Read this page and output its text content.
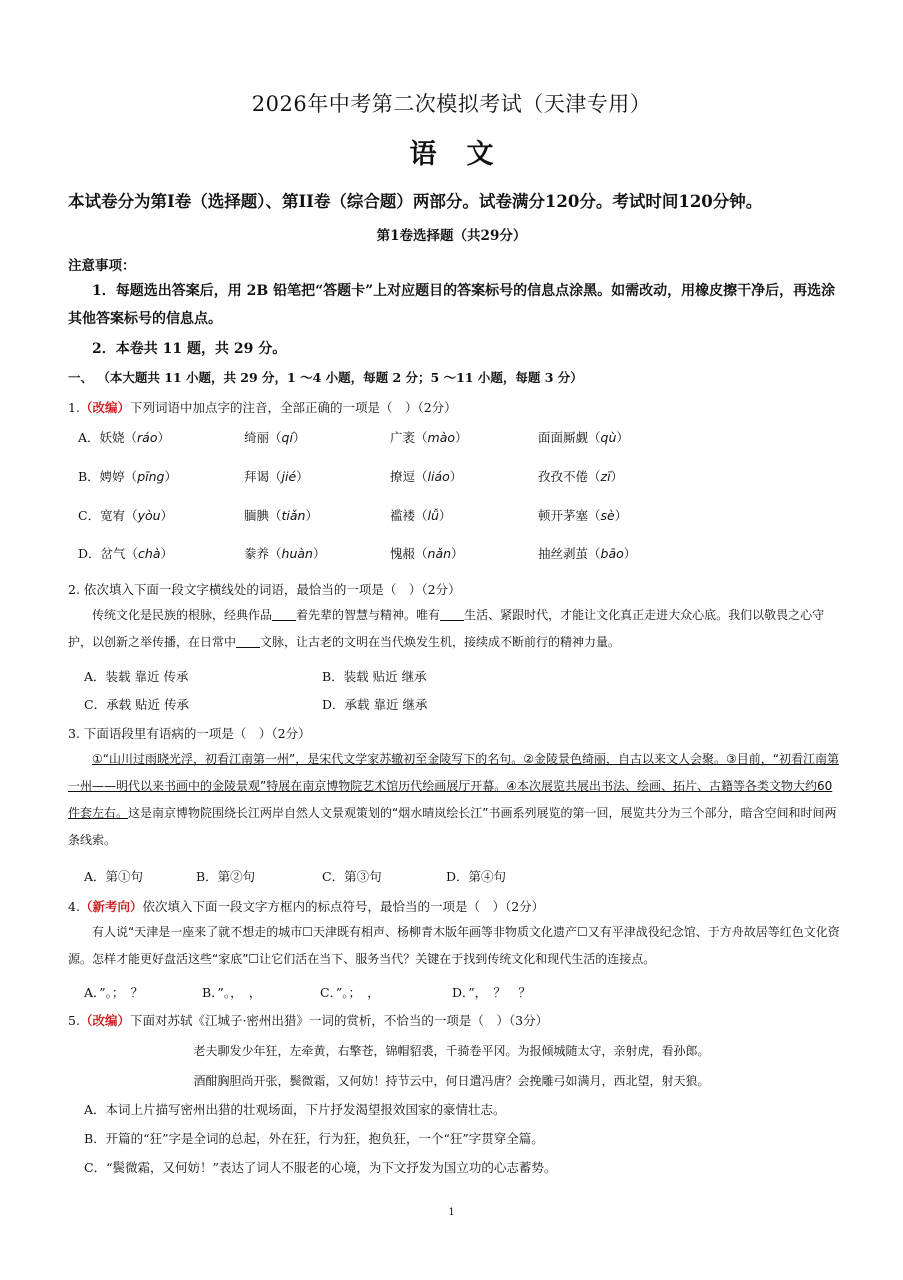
2026年中考第二次模拟考试（天津专用）
语文
本试卷分为第Ⅰ卷（选择题）、第II卷（综合题）两部分。试卷满分120分。考试时间120分钟。
第1卷选择题（共29分）
注意事项：
1．每题选出答案后，用 2B 铅笔把“答题卡”上对应题目的答案标号的信息点涂黑。如需改动，用橡皮擦干净后，再选涂其他答案标号的信息点。
2．本卷共 11 题，共 29 分。
一、 （本大题共 11 小题，共 29 分，1 ～4 小题，每题 2 分；5 ～11 小题，每题 3 分）
1.（改编）下列词语中加点字的注音，全部正确的一项是（　）（2分）
A．妖娆（ráo）	绮丽（qí）	广袤（mào）	面面厮觑（qù）
B．娉婷（pīng）	拜谒（jié）	撩逗（liáo）	孜孜不倦（zī）
C．宽宥（yòu）	腼腆（tiǎn）	褴褛（lǚ）	顿开茅塞（sè）
D．岔气（chà）	豢养（huàn）	愧赧（nǎn）	抽丝剥茧（bāo）
2. 依次填入下面一段文字横线处的词语，最恰当的一项是（　）（2分）
传统文化是民族的根脉，经典作品　　 着先辈的智慧与精神。唯有　　 生活、紧跟时代，才能让文化真正走进大众心底。我们以敬畏之心守护，以创新之举传播，在日常中　　 文脉，让古老的文明在当代焕发生机，接续成不断前行的精神力量。
A．装载 靠近 传承	B．装载 贴近 继承
C．承载 贴近 传承	D．承载 靠近 继承
3. 下面语段里有语病的一项是（　）（2分）
①“山川过雨晓光浮，初看江南第一州”，是宋代文学家苏辙初至金陵写下的名句。②金陵景色绮丽，自古以来文人会聚。③目前，“初看江南第一州——明代以来书画中的金陵景观”特展在南京博物院艺术馆历代绘画展厅开幕。④本次展览共展出书法、绘画、拓片、古籍等各类文物大约60件套左右。这是南京博物院围绕长江两岸自然人文景观策划的“烟水晴岚绘长江”书画系列展览的第一回，展览共分为三个部分，暗含空间和时间两条线索。
A．第①句	B．第②句	C．第③句	D．第④句
4.（新考向）依次填入下面一段文字方框内的标点符号，最恰当的一项是（　）（2分）
有人说“天津是一座来了就不想走的城市☐天津既有相声、杨柳青木版年画等非物质文化遗产☐又有平津战役纪念馆、于方舟故居等红色文化资源。怎样才能更好盘活这些“家底”☐让它们活在当下、服务当代？关键在于找到传统文化和现代生活的连接点。
A．”。；　？	B．”。，　，	C．”。；　，	D．”，　？　？
5.（改编）下面对苏轼《江城子·密州出猎》一词的赏析，不恰当的一项是（　）（3分）
老夫聊发少年狂，左牵黄，右擎苍，锦帽貂裘，千骑卷平冈。为报倾城随太守，亲射虎，看孙郎。
酒酣胸胆尚开张，鬓微霜，又何妨！持节云中，何日遣冯唐？会挽雕弓如满月，西北望，射天狼。
A．本词上片描写密州出猎的壮观场面，下片抒发渴望报效国家的豪情壮志。
B．开篇的“狂”字是全词的总起，外在狂，行为狂，抱负狂，一个“狂”字贯穿全篇。
C．“鬓微霜，又何妨！”表达了词人不服老的心境，为下文抒发为国立功的心志蓄势。
1
